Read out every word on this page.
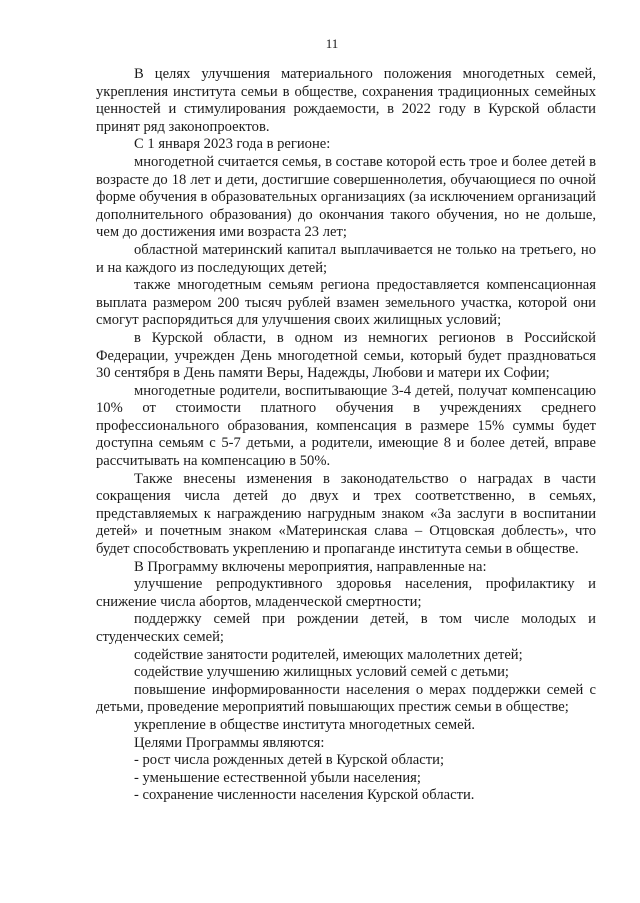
11

В целях улучшения материального положения многодетных семей, укрепления института семьи в обществе, сохранения традиционных семейных ценностей и стимулирования рождаемости, в 2022 году в Курской области принят ряд законопроектов.

С 1 января 2023 года в регионе:

многодетной считается семья, в составе которой есть трое и более детей в возрасте до 18 лет и дети, достигшие совершеннолетия, обучающиеся по очной форме обучения в образовательных организациях (за исключением организаций дополнительного образования) до окончания такого обучения, но не дольше, чем до достижения ими возраста 23 лет;

областной материнский капитал выплачивается не только на третьего, но и на каждого из последующих детей;

также многодетным семьям региона предоставляется компенсационная выплата размером 200 тысяч рублей взамен земельного участка, которой они смогут распорядиться для улучшения своих жилищных условий;

в Курской области, в одном из немногих регионов в Российской Федерации, учрежден День многодетной семьи, который будет праздноваться 30 сентября в День памяти Веры, Надежды, Любови и матери их Софии;

многодетные родители, воспитывающие 3-4 детей, получат компенсацию 10% от стоимости платного обучения в учреждениях среднего профессионального образования, компенсация в размере 15% суммы будет доступна семьям с 5-7 детьми, а родители, имеющие 8 и более детей, вправе рассчитывать на компенсацию в 50%.

Также внесены изменения в законодательство о наградах в части сокращения числа детей до двух и трех соответственно, в семьях, представляемых к награждению нагрудным знаком «За заслуги в воспитании детей» и почетным знаком «Материнская слава – Отцовская доблесть», что будет способствовать укреплению и пропаганде института семьи в обществе.

В Программу включены мероприятия, направленные на:

улучшение репродуктивного здоровья населения, профилактику и снижение числа абортов, младенческой смертности;

поддержку семей при рождении детей, в том числе молодых и студенческих семей;

содействие занятости родителей, имеющих малолетних детей;

содействие улучшению жилищных условий семей с детьми;

повышение информированности населения о мерах поддержки семей с детьми, проведение мероприятий повышающих престиж семьи в обществе;

укрепление в обществе института многодетных семей.

Целями Программы являются:

- рост числа рожденных детей в Курской области;

- уменьшение естественной убыли населения;

- сохранение численности населения Курской области.
